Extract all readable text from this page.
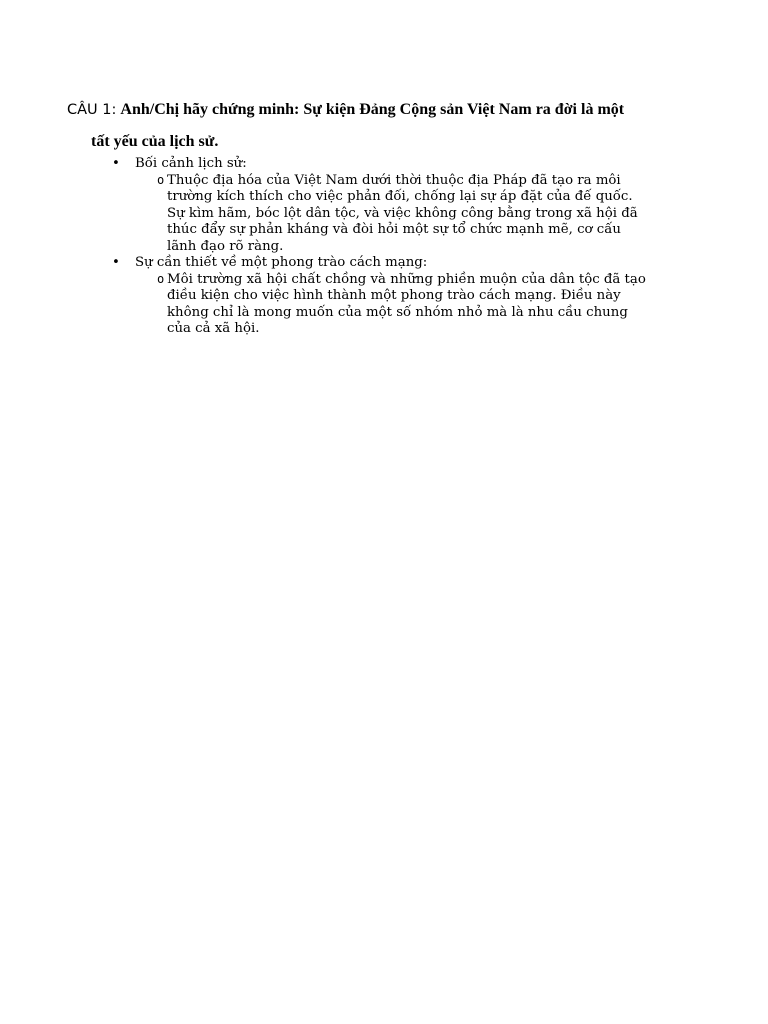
CÂU 1: Anh/Chị hãy chứng minh: Sự kiện Đảng Cộng sản Việt Nam ra đời là một
tất yếu của lịch sử.

• Bối cảnh lịch sử:
o Thuộc địa hóa của Việt Nam dưới thời thuộc địa Pháp đã tạo ra môi
trường kích thích cho việc phản đối, chống lại sự áp đặt của đế quốc.
Sự kìm hãm, bóc lột dân tộc, và việc không công bằng trong xã hội đã
thúc đẩy sự phản kháng và đòi hỏi một sự tổ chức mạnh mẽ, cơ cấu
lãnh đạo rõ ràng.
• Sự cần thiết về một phong trào cách mạng:
o Môi trường xã hội chất chồng và những phiền muộn của dân tộc đã tạo
điều kiện cho việc hình thành một phong trào cách mạng. Điều này
không chỉ là mong muốn của một số nhóm nhỏ mà là nhu cầu chung
của cả xã hội.
